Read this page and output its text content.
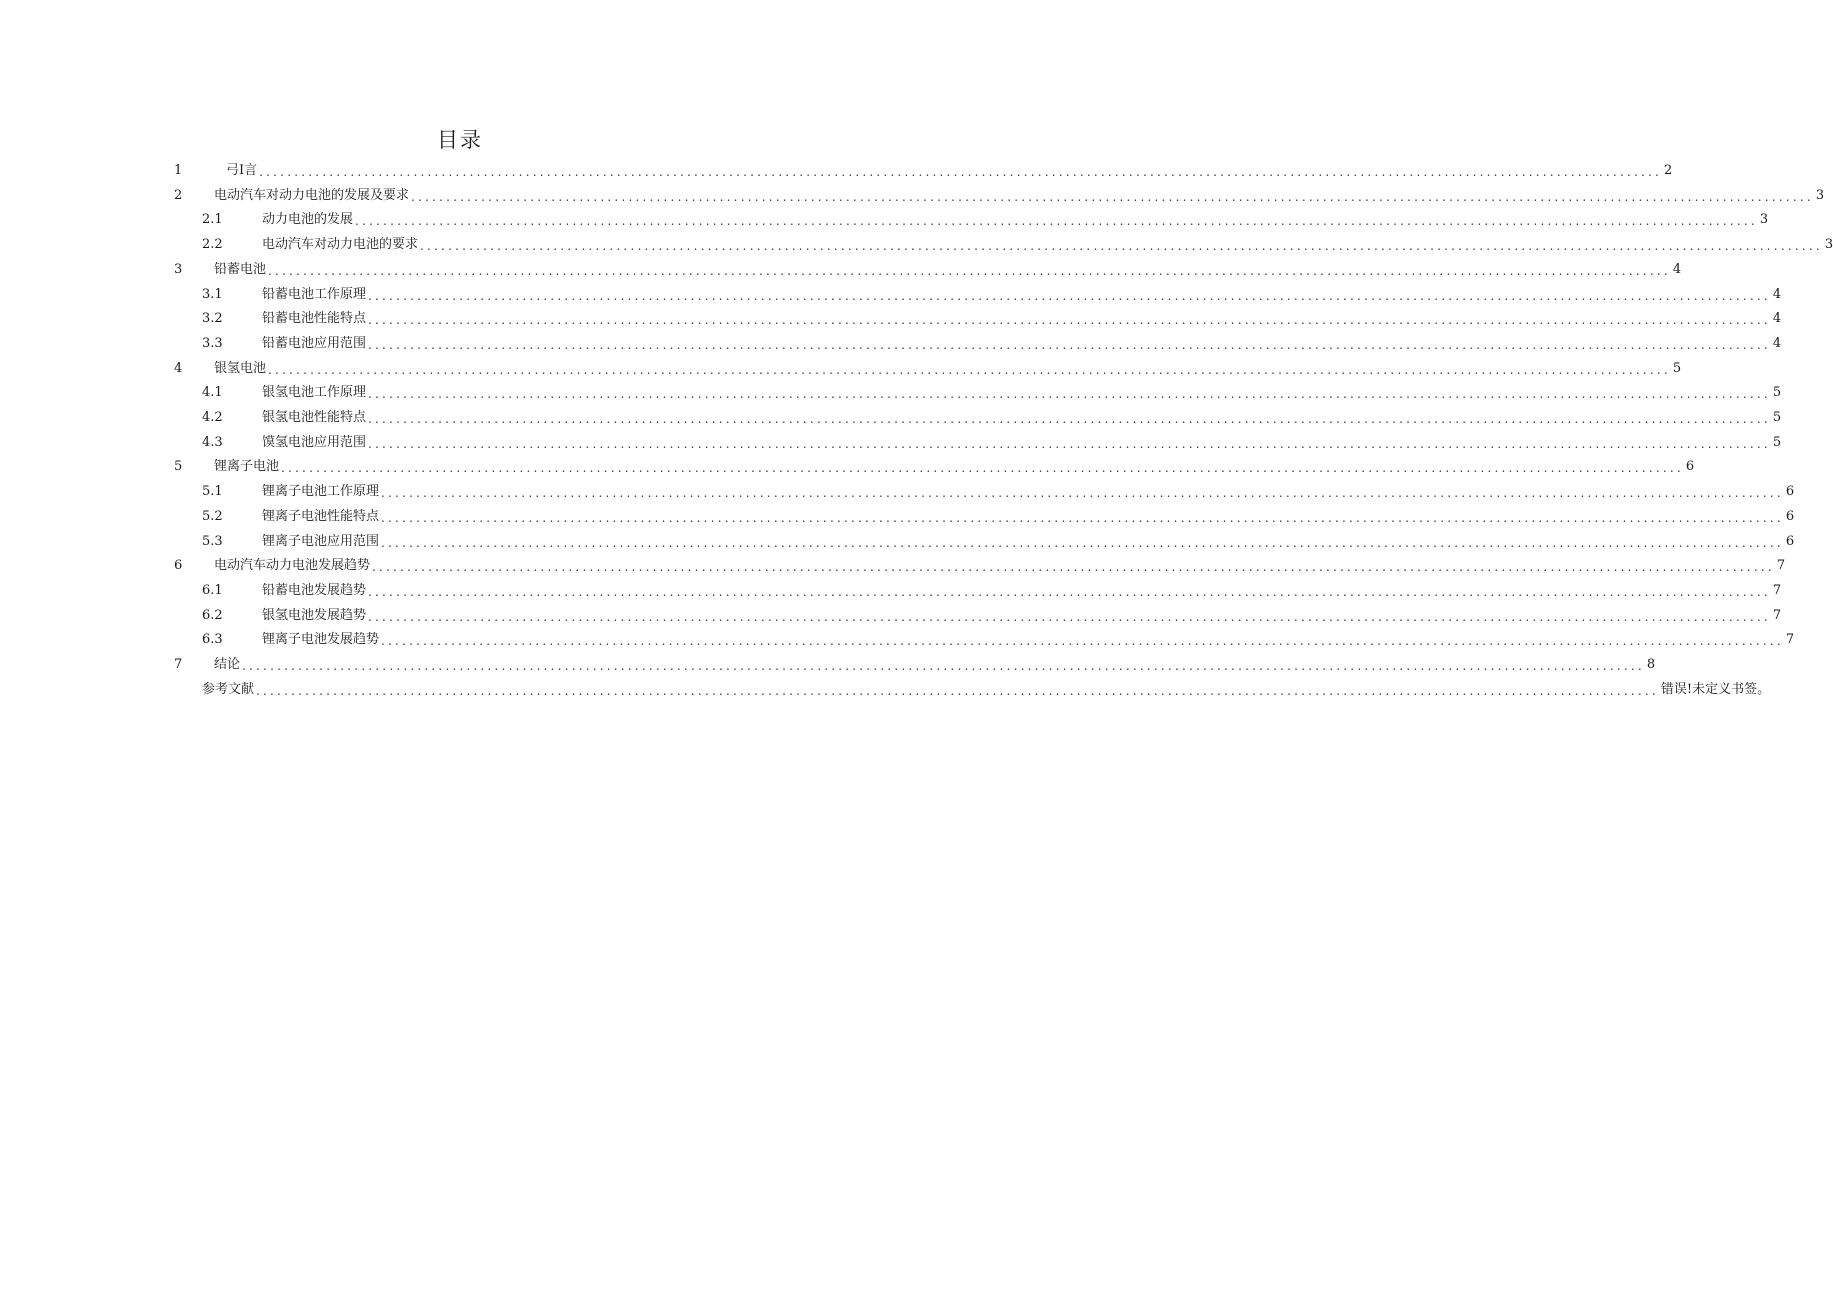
目录
1	弓I言 ........................................................................................................................................................................................................ 2
2 电动汽车对动力电池的发展及要求 ........................................................................................................................................................................................................ 3
2.1	动力电池的发展 ........................................................................................................................................................................................................ 3
2.2	电动汽车对动力电池的要求 ........................................................................................................................................................................................................ 3
3 铅蓄电池 ........................................................................................................................................................................................................ 4
3.1	铅蓄电池工作原理 ........................................................................................................................................................................................................ 4
3.2	铅蓄电池性能特点 ........................................................................................................................................................................................................ 4
3.3	铅蓄电池应用范围 ........................................................................................................................................................................................................ 4
4 银氢电池 ........................................................................................................................................................................................................ 5
4.1	银氢电池工作原理 ........................................................................................................................................................................................................ 5
4.2	银氢电池性能特点 ........................................................................................................................................................................................................ 5
4.3	馍氢电池应用范围 ........................................................................................................................................................................................................ 5
5 锂离子电池 ........................................................................................................................................................................................................ 6
5.1	锂离子电池工作原理 ........................................................................................................................................................................................................ 6
5.2	锂离子电池性能特点 ........................................................................................................................................................................................................ 6
5.3	锂离子电池应用范围 ........................................................................................................................................................................................................ 6
6 电动汽车动力电池发展趋势 ........................................................................................................................................................................................................ 7
6.1	铅蓄电池发展趋势 ........................................................................................................................................................................................................ 7
6.2	银氢电池发展趋势 ........................................................................................................................................................................................................ 7
6.3	锂离子电池发展趋势 ........................................................................................................................................................................................................ 7
7 结论 ........................................................................................................................................................................................................ 8
参考文献 ........................................................................................................................................................................................................ 错误!未定义书签。
